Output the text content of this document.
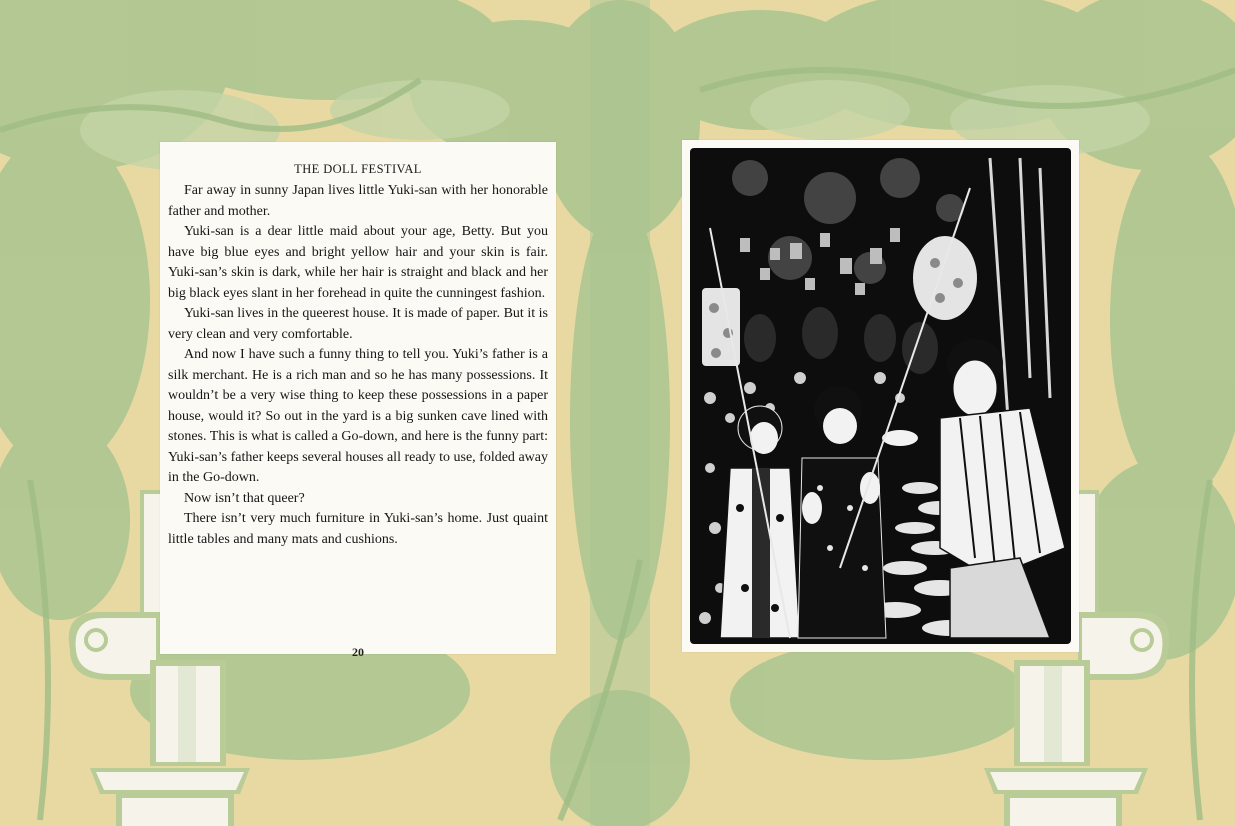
THE DOLL FESTIVAL

Far away in sunny Japan lives little Yuki-san with her honorable father and mother.

Yuki-san is a dear little maid about your age, Betty. But you have big blue eyes and bright yellow hair and your skin is fair. Yuki-san’s skin is dark, while her hair is straight and black and her big black eyes slant in her forehead in quite the cunningest fashion.

Yuki-san lives in the queerest house. It is made of paper. But it is very clean and very comfortable.

And now I have such a funny thing to tell you. Yuki’s father is a silk merchant. He is a rich man and so he has many possessions. It wouldn’t be a very wise thing to keep these possessions in a paper house, would it? So out in the yard is a big sunken cave lined with stones. This is what is called a Go-down, and here is the funny part: Yuki-san’s father keeps several houses all ready to use, folded away in the Go-down.

Now isn’t that queer?

There isn’t very much furniture in Yuki-san’s home. Just quaint little tables and many mats and cushions.

20
